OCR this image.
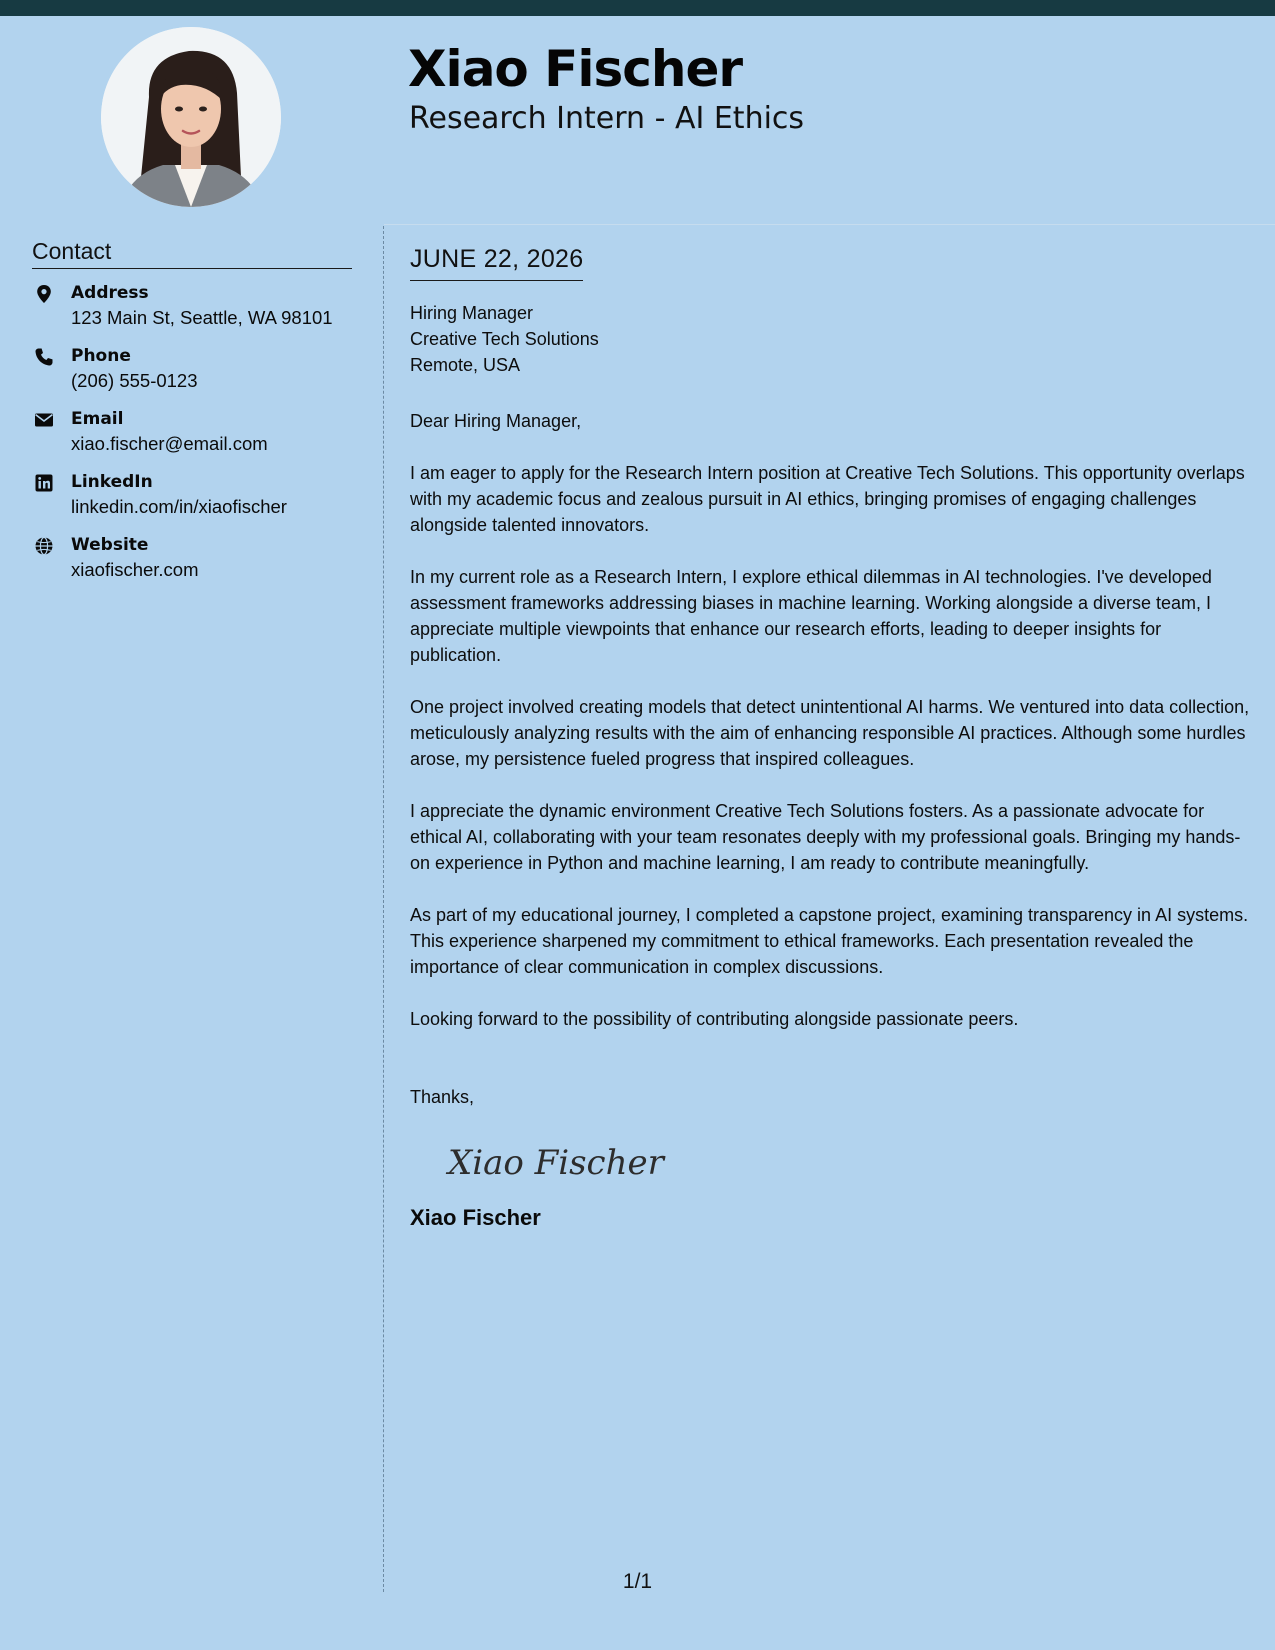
Xiao Fischer
Research Intern - AI Ethics
Contact
Address
123 Main St, Seattle, WA 98101
Phone
(206) 555-0123
Email
xiao.fischer@email.com
LinkedIn
linkedin.com/in/xiaofischer
Website
xiaofischer.com
JUNE 22, 2026
Hiring Manager
Creative Tech Solutions
Remote, USA
Dear Hiring Manager,

I am eager to apply for the Research Intern position at Creative Tech Solutions. This opportunity overlaps with my academic focus and zealous pursuit in AI ethics, bringing promises of engaging challenges alongside talented innovators.

In my current role as a Research Intern, I explore ethical dilemmas in AI technologies. I've developed assessment frameworks addressing biases in machine learning. Working alongside a diverse team, I appreciate multiple viewpoints that enhance our research efforts, leading to deeper insights for publication.

One project involved creating models that detect unintentional AI harms. We ventured into data collection, meticulously analyzing results with the aim of enhancing responsible AI practices. Although some hurdles arose, my persistence fueled progress that inspired colleagues.

I appreciate the dynamic environment Creative Tech Solutions fosters. As a passionate advocate for ethical AI, collaborating with your team resonates deeply with my professional goals. Bringing my hands-on experience in Python and machine learning, I am ready to contribute meaningfully.

As part of my educational journey, I completed a capstone project, examining transparency in AI systems. This experience sharpened my commitment to ethical frameworks. Each presentation revealed the importance of clear communication in complex discussions.

Looking forward to the possibility of contributing alongside passionate peers.

Thanks,
Xiao Fischer
Xiao Fischer
1/1
